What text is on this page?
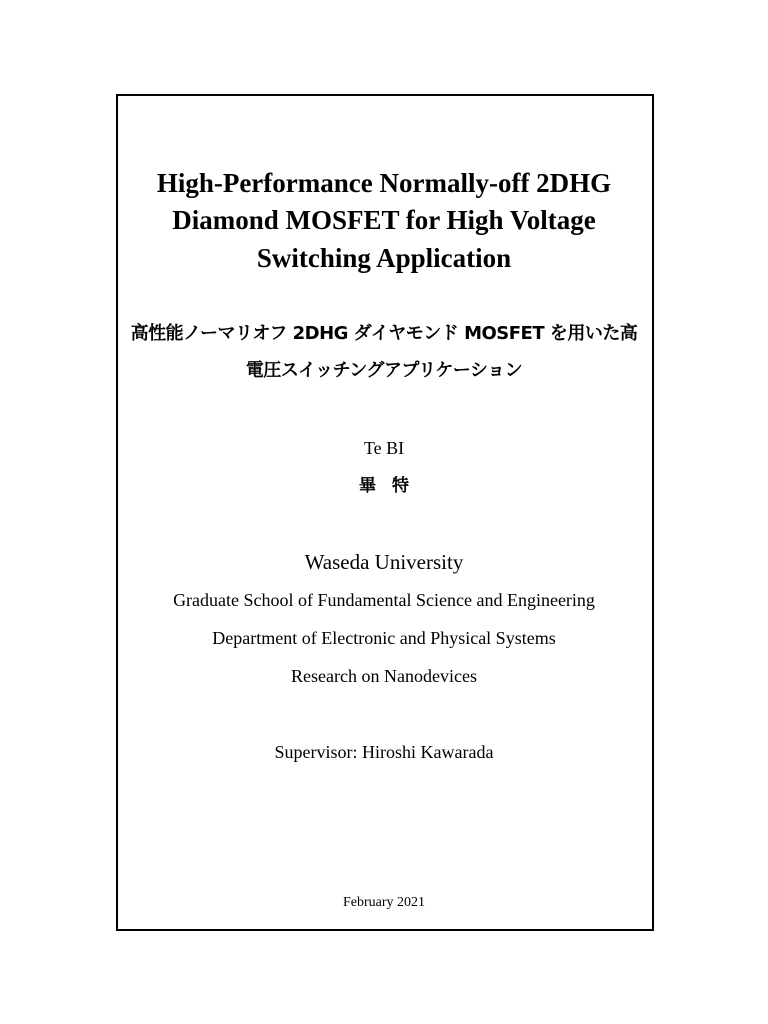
High-Performance Normally-off 2DHG
Diamond MOSFET for High Voltage
Switching Application
高性能ノーマリオフ 2DHG ダイヤモンド MOSFET を用いた高
電圧スイッチングアプリケーション
Te BI
畢 特
Waseda University
Graduate School of Fundamental Science and Engineering
Department of Electronic and Physical Systems
Research on Nanodevices
Supervisor: Hiroshi Kawarada
February 2021
